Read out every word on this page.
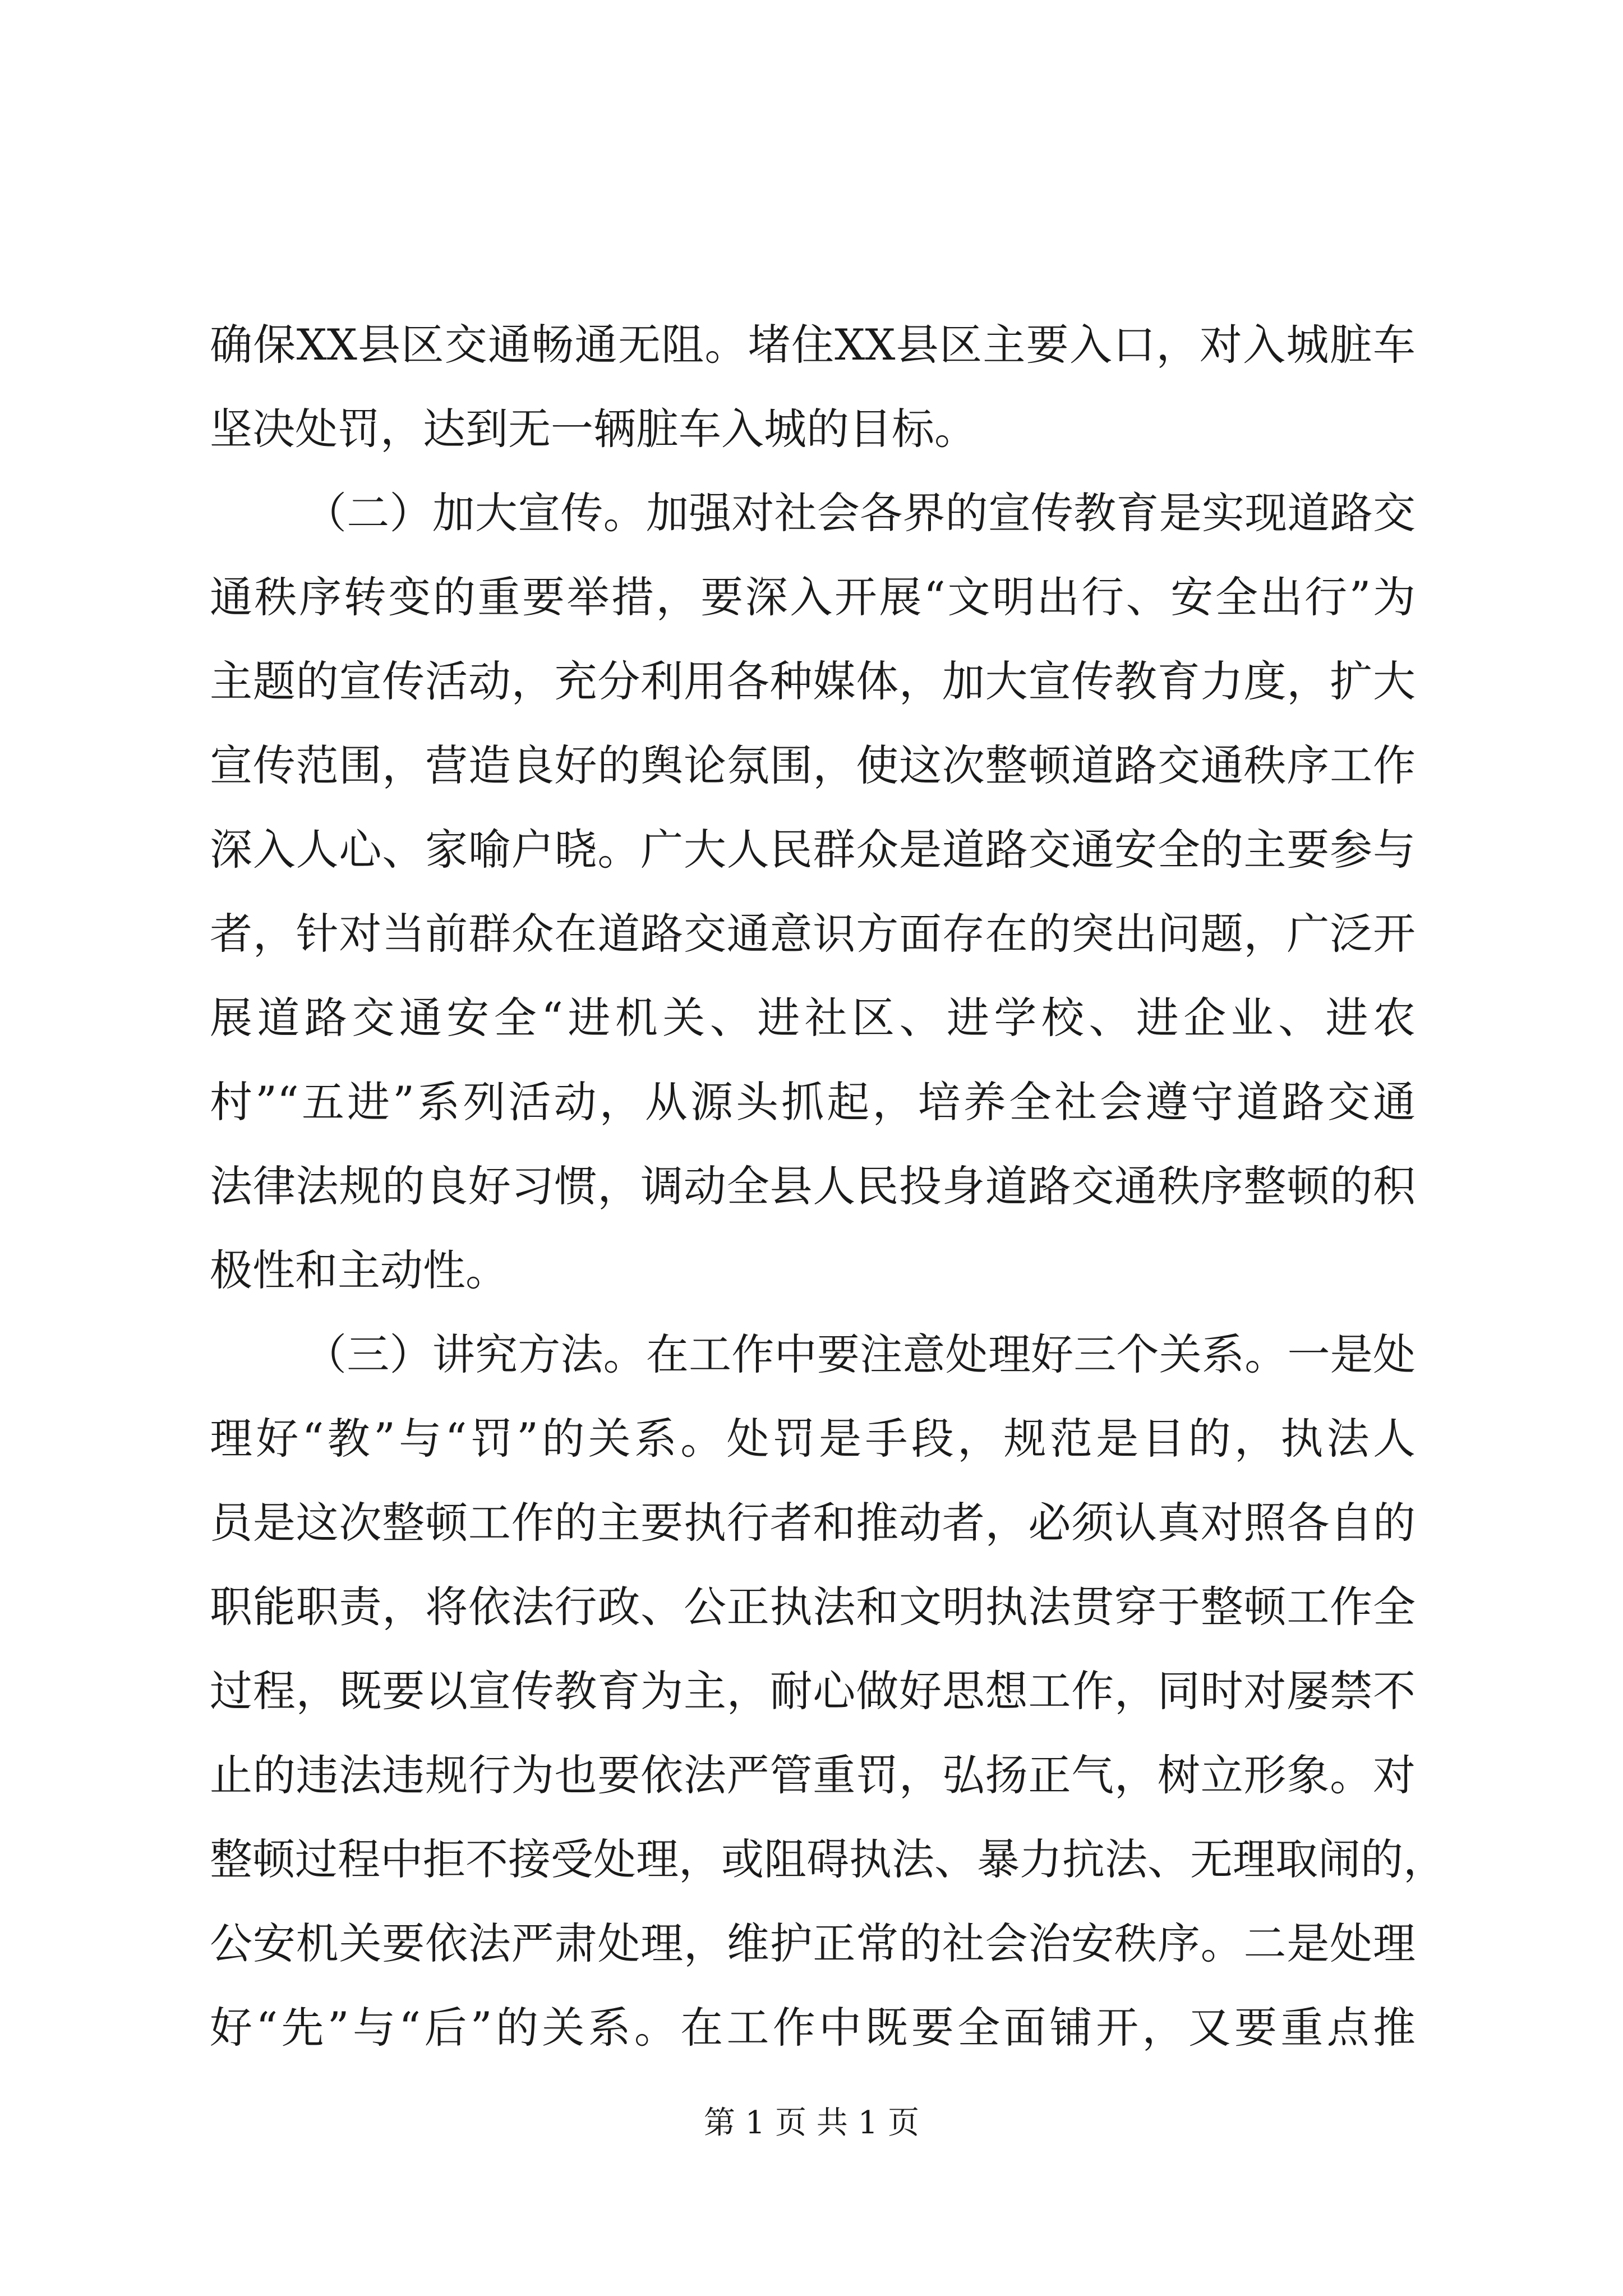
确保XX县区交通畅通无阻。堵住XX县区主要入口，对入城脏车
坚决处罚，达到无一辆脏车入城的目标。
（二）加大宣传。加强对社会各界的宣传教育是实现道路交
通秩序转变的重要举措，要深入开展“文明出行、安全出行”为
主题的宣传活动，充分利用各种媒体，加大宣传教育力度，扩大
宣传范围，营造良好的舆论氛围，使这次整顿道路交通秩序工作
深入人心、家喻户晓。广大人民群众是道路交通安全的主要参与
者，针对当前群众在道路交通意识方面存在的突出问题，广泛开
展道路交通安全“进机关、进社区、进学校、进企业、进农
村”“五进”系列活动，从源头抓起，培养全社会遵守道路交通
法律法规的良好习惯，调动全县人民投身道路交通秩序整顿的积
极性和主动性。
（三）讲究方法。在工作中要注意处理好三个关系。一是处
理好“教”与“罚”的关系。处罚是手段，规范是目的，执法人
员是这次整顿工作的主要执行者和推动者，必须认真对照各自的
职能职责，将依法行政、公正执法和文明执法贯穿于整顿工作全
过程，既要以宣传教育为主，耐心做好思想工作，同时对屡禁不
止的违法违规行为也要依法严管重罚，弘扬正气，树立形象。对
整顿过程中拒不接受处理，或阻碍执法、暴力抗法、无理取闹的，
公安机关要依法严肃处理，维护正常的社会治安秩序。二是处理
好“先”与“后”的关系。在工作中既要全面铺开，又要重点推
第 1 页 共 1 页
